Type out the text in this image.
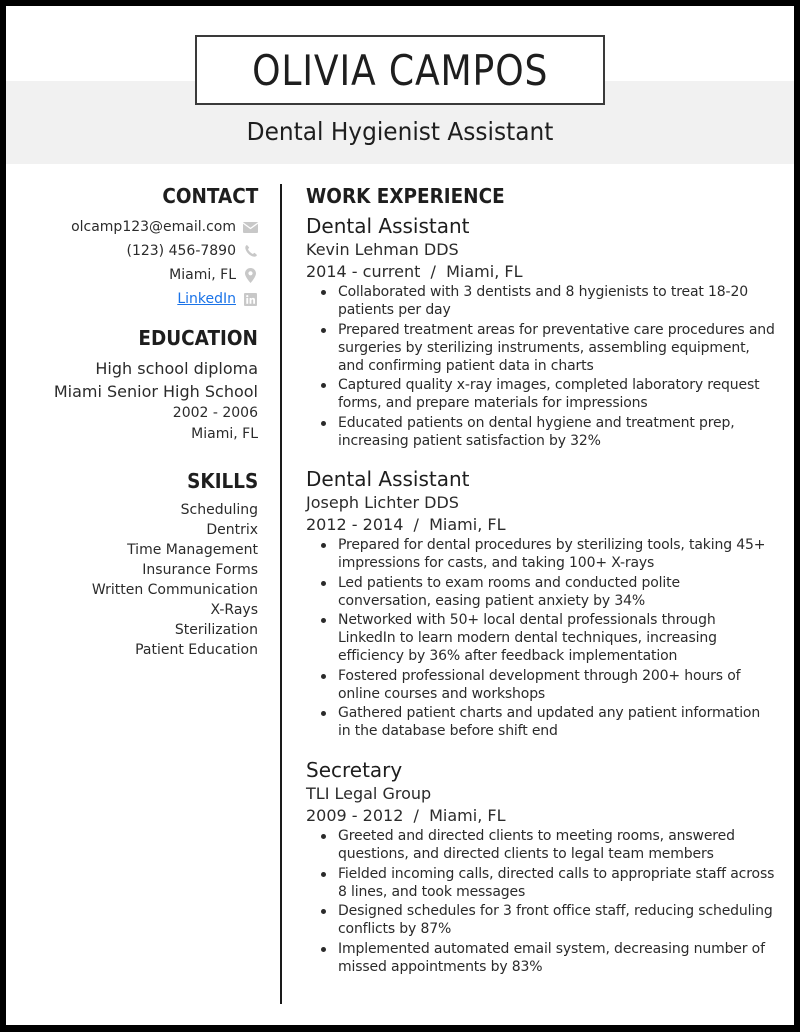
OLIVIA CAMPOS
Dental Hygienist Assistant
CONTACT
olcamp123@email.com
(123) 456-7890
Miami, FL
LinkedIn
EDUCATION
High school diploma
Miami Senior High School
2002 - 2006
Miami, FL
SKILLS
Scheduling
Dentrix
Time Management
Insurance Forms
Written Communication
X-Rays
Sterilization
Patient Education
WORK EXPERIENCE
Dental Assistant
Kevin Lehman DDS
2014 - current  /  Miami, FL
Collaborated with 3 dentists and 8 hygienists to treat 18-20 patients per day
Prepared treatment areas for preventative care procedures and surgeries by sterilizing instruments, assembling equipment, and confirming patient data in charts
Captured quality x-ray images, completed laboratory request forms, and prepare materials for impressions
Educated patients on dental hygiene and treatment prep, increasing patient satisfaction by 32%
Dental Assistant
Joseph Lichter DDS
2012 - 2014  /  Miami, FL
Prepared for dental procedures by sterilizing tools, taking 45+ impressions for casts, and taking 100+ X-rays
Led patients to exam rooms and conducted polite conversation, easing patient anxiety by 34%
Networked with 50+ local dental professionals through LinkedIn to learn modern dental techniques, increasing efficiency by 36% after feedback implementation
Fostered professional development through 200+ hours of online courses and workshops
Gathered patient charts and updated any patient information in the database before shift end
Secretary
TLI Legal Group
2009 - 2012  /  Miami, FL
Greeted and directed clients to meeting rooms, answered questions, and directed clients to legal team members
Fielded incoming calls, directed calls to appropriate staff across 8 lines, and took messages
Designed schedules for 3 front office staff, reducing scheduling conflicts by 87%
Implemented automated email system, decreasing number of missed appointments by 83%
